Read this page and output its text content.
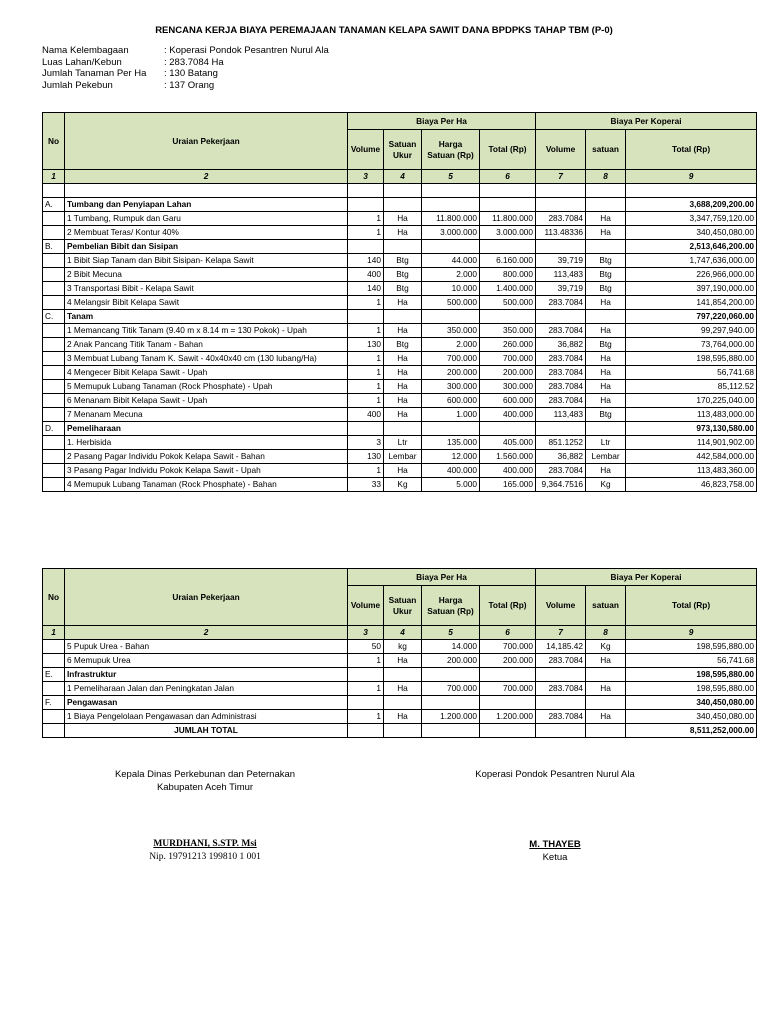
RENCANA KERJA BIAYA PEREMAJAAN TANAMAN KELAPA SAWIT DANA BPDPKS TAHAP TBM (P-0)
Nama Kelembagaan	: Koperasi Pondok Pesantren Nurul Ala
Luas Lahan/Kebun	: 283.7084 Ha
Jumlah Tanaman Per Ha	: 130 Batang
Jumlah Pekebun	: 137 Orang
No	Uraian Pekerjaan	Biaya Per Ha				Biaya Per Koperai		
		Volume	Satuan Ukur	Harga Satuan (Rp)	Total (Rp)	Volume	satuan	Total (Rp)
1	2	3	4	5	6	7	8	9

A.	Tumbang dan Penyiapan Lahan							3,688,209,200.00
	1 Tumbang, Rumpuk dan Garu	1	Ha	11.800.000	11.800.000	283.7084	Ha	3,347,759,120.00
	2 Membuat Teras/ Kontur 40%	1	Ha	3.000.000	3.000.000	113.48336	Ha	340,450,080.00
B.	Pembelian Bibit dan Sisipan							2,513,646,200.00
	1 Bibit Siap Tanam dan Bibit Sisipan- Kelapa Sawit	140	Btg	44.000	6.160.000	39,719	Btg	1,747,636,000.00
	2 Bibit Mecuna	400	Btg	2.000	800.000	113,483	Btg	226,966,000.00
	3 Transportasi Bibit - Kelapa Sawit	140	Btg	10.000	1.400.000	39,719	Btg	397,190,000.00
	4 Melangsir Bibit Kelapa Sawit	1	Ha	500.000	500.000	283.7084	Ha	141,854,200.00
C.	Tanam							797,220,060.00
	1 Memancang Titik Tanam (9.40 m x 8.14 m = 130 Pokok) - Upah	1	Ha	350.000	350.000	283.7084	Ha	99,297,940.00
	2 Anak Pancang Titik Tanam - Bahan	130	Btg	2.000	260.000	36,882	Btg	73,764,000.00
	3 Membuat Lubang Tanam K. Sawit - 40x40x40 cm (130 lubang/Ha)	1	Ha	700.000	700.000	283.7084	Ha	198,595,880.00
	4 Mengecer Bibit Kelapa Sawit - Upah	1	Ha	200.000	200.000	283.7084	Ha	56,741.68
	5 Memupuk Lubang Tanaman (Rock Phosphate) - Upah	1	Ha	300.000	300.000	283.7084	Ha	85,112.52
	6 Menanam Bibit Kelapa Sawit - Upah	1	Ha	600.000	600.000	283.7084	Ha	170,225,040.00
	7 Menanam Mecuna	400	Ha	1.000	400.000	113,483	Btg	113,483,000.00
D.	Pemeliharaan							973,130,580.00
	1. Herbisida	3	Ltr	135.000	405.000	851.1252	Ltr	114,901,902.00
	2 Pasang Pagar Individu Pokok Kelapa Sawit - Bahan	130	Lembar	12.000	1.560.000	36,882	Lembar	442,584,000.00
	3 Pasang Pagar Individu Pokok Kelapa Sawit - Upah	1	Ha	400.000	400.000	283.7084	Ha	113,483,360.00
	4 Memupuk Lubang Tanaman (Rock Phosphate) - Bahan	33	Kg	5.000	165.000	9,364.7516	Kg	46,823,758.00
No	Uraian Pekerjaan	Biaya Per Ha				Biaya Per Koperai		
		Volume	Satuan Ukur	Harga Satuan (Rp)	Total (Rp)	Volume	satuan	Total (Rp)
1	2	3	4	5	6	7	8	9
	5 Pupuk Urea - Bahan	50	kg	14.000	700.000	14,185.42	Kg	198,595,880.00
	6 Memupuk Urea	1	Ha	200.000	200.000	283.7084	Ha	56,741.68
E.	Infrastruktur							198,595,880.00
	1 Pemeliharaan Jalan dan Peningkatan Jalan	1	Ha	700.000	700.000	283.7084	Ha	198,595,880.00
F.	Pengawasan							340,450,080.00
	1 Biaya Pengelolaan Pengawasan dan Administrasi	1	Ha	1.200.000	1.200.000	283.7084	Ha	340,450,080.00
	JUMLAH TOTAL							8,511,252,000.00
Kepala Dinas Perkebunan dan Peternakan
Kabupaten Aceh Timur
MURDHANI, S.STP. Msi
Nip. 19791213 199810 1 001
Koperasi Pondok Pesantren Nurul Ala
M. THAYEB
Ketua
